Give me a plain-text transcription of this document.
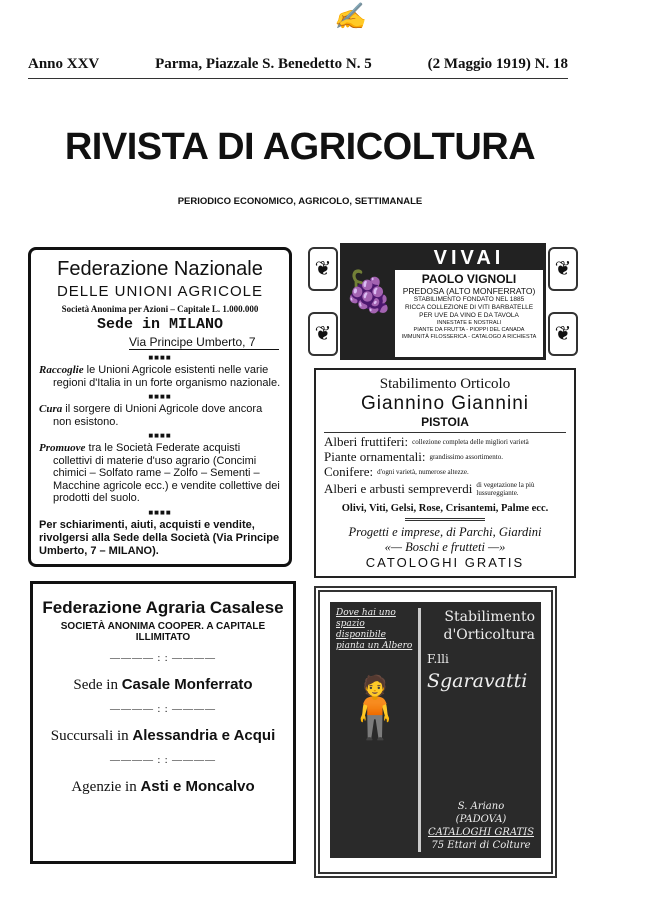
✍
Anno XXV	Parma, Piazzale S. Benedetto N. 5	(2 Maggio 1919) N. 18
RIVISTA DI AGRICOLTURA
PERIODICO ECONOMICO, AGRICOLO, SETTIMANALE
Federazione Nazionale
DELLE UNIONI AGRICOLE
Società Anonima per Azioni – Capitale L. 1.000.000
Sede in MILANO
Via Principe Umberto, 7
■■■■

Raccoglie le Unioni Agricole esistenti nelle varie regioni d'Italia in un forte organismo nazionale.

■■■■

Cura il sorgere di Unioni Agricole dove ancora non esistono.

■■■■

Promuove tra le Società Federate acquisti collettivi di materie d'uso agrario (Concimi chimici – Solfato rame – Zolfo – Sementi – Macchine agricole ecc.) e vendite collettive dei prodotti del suolo.

■■■■

Per schiarimenti, aiuti, acquisti e vendite, rivolgersi alla Sede della Società (Via Principe Umberto, 7 – MILANO).

Federazione Agraria Casalese
SOCIETÀ ANONIMA COOPER. A CAPITALE ILLIMITATO
———— : : ————
Sede in Casale Monferrato
———— : : ————
Succursali in Alessandria e Acqui
———— : : ————
Agenzie in Asti e Moncalvo
❦
❦
🍇
VIVAI
PAOLO VIGNOLI
PREDOSA (ALTO MONFERRATO)
STABILIMENTO FONDATO NEL 1885
RICCA COLLEZIONE DI VITI BARBATELLE
PER UVE DA VINO E DA TAVOLA
INNESTATE E NOSTRALI
PIANTE DA FRUTTA - PIOPPI DEL CANADA
IMMUNITÀ FILOSSERICA - CATALOGO A RICHIESTA
❦
❦
Stabilimento Orticolo
Giannino Giannini
PISTOIA
Alberi fruttiferi: collezione completa delle migliori varietà
Piante ornamentali: grandissimo assortimento.
Conifere: d'ogni varietà, numerose altezze.
Alberi e arbusti sempreverdi di vegetazione la più lussureggiante.
Olivi, Viti, Gelsi, Rose, Crisantemi, Palme ecc.
Progetti e imprese, di Parchi, Giardini
«— Boschi e frutteti —»
CATOLOGHI GRATIS
Dove hai uno spazio disponibile pianta un Albero
🧍
Stabilimento
d'Orticoltura
F.lli
Sgaravatti
S. Ariano
(PADOVA)
CATALOGHI GRATIS
75 Ettari di Colture
